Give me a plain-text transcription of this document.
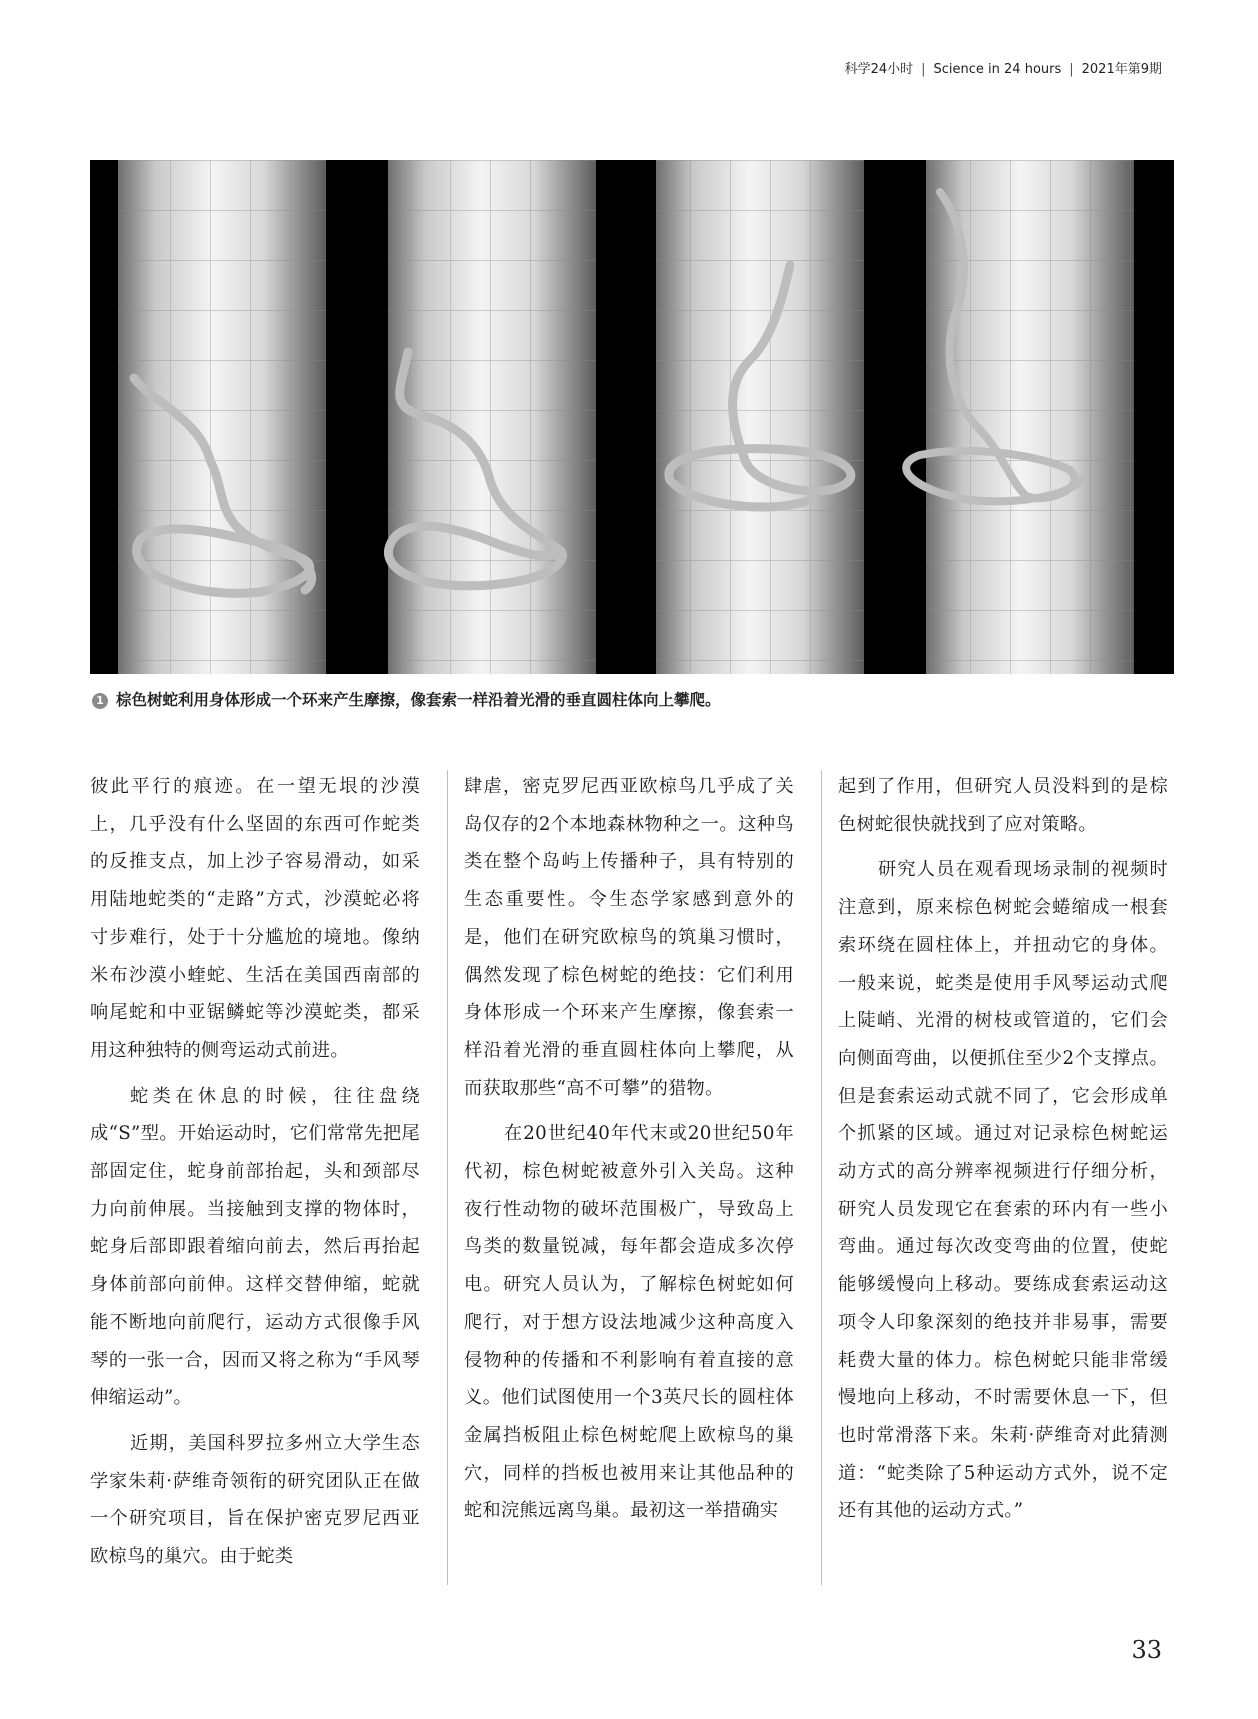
科学24小时 | Science in 24 hours | 2021年第9期
1 棕色树蛇利用身体形成一个环来产生摩擦，像套索一样沿着光滑的垂直圆柱体向上攀爬。

彼此平行的痕迹。在一望无垠的沙漠上，几乎没有什么坚固的东西可作蛇类的反推支点，加上沙子容易滑动，如采用陆地蛇类的“走路”方式，沙漠蛇必将寸步难行，处于十分尴尬的境地。像纳米布沙漠小蝰蛇、生活在美国西南部的响尾蛇和中亚锯鳞蛇等沙漠蛇类，都采用这种独特的侧弯运动式前进。

蛇类在休息的时候，往往盘绕成“S”型。开始运动时，它们常常先把尾部固定住，蛇身前部抬起，头和颈部尽力向前伸展。当接触到支撑的物体时，蛇身后部即跟着缩向前去，然后再抬起身体前部向前伸。这样交替伸缩，蛇就能不断地向前爬行，运动方式很像手风琴的一张一合，因而又将之称为“手风琴伸缩运动”。

近期，美国科罗拉多州立大学生态学家朱莉·萨维奇领衔的研究团队正在做一个研究项目，旨在保护密克罗尼西亚欧椋鸟的巢穴。由于蛇类

肆虐，密克罗尼西亚欧椋鸟几乎成了关岛仅存的2个本地森林物种之一。这种鸟类在整个岛屿上传播种子，具有特别的生态重要性。令生态学家感到意外的是，他们在研究欧椋鸟的筑巢习惯时，偶然发现了棕色树蛇的绝技：它们利用身体形成一个环来产生摩擦，像套索一样沿着光滑的垂直圆柱体向上攀爬，从而获取那些“高不可攀”的猎物。

在20世纪40年代末或20世纪50年代初，棕色树蛇被意外引入关岛。这种夜行性动物的破坏范围极广，导致岛上鸟类的数量锐减，每年都会造成多次停电。研究人员认为，了解棕色树蛇如何爬行，对于想方设法地减少这种高度入侵物种的传播和不利影响有着直接的意义。他们试图使用一个3英尺长的圆柱体金属挡板阻止棕色树蛇爬上欧椋鸟的巢穴，同样的挡板也被用来让其他品种的蛇和浣熊远离鸟巢。最初这一举措确实

起到了作用，但研究人员没料到的是棕色树蛇很快就找到了应对策略。

研究人员在观看现场录制的视频时注意到，原来棕色树蛇会蜷缩成一根套索环绕在圆柱体上，并扭动它的身体。一般来说，蛇类是使用手风琴运动式爬上陡峭、光滑的树枝或管道的，它们会向侧面弯曲，以便抓住至少2个支撑点。但是套索运动式就不同了，它会形成单个抓紧的区域。通过对记录棕色树蛇运动方式的高分辨率视频进行仔细分析，研究人员发现它在套索的环内有一些小弯曲。通过每次改变弯曲的位置，使蛇能够缓慢向上移动。要练成套索运动这项令人印象深刻的绝技并非易事，需要耗费大量的体力。棕色树蛇只能非常缓慢地向上移动，不时需要休息一下，但也时常滑落下来。朱莉·萨维奇对此猜测道：“蛇类除了5种运动方式外，说不定还有其他的运动方式。”

33
